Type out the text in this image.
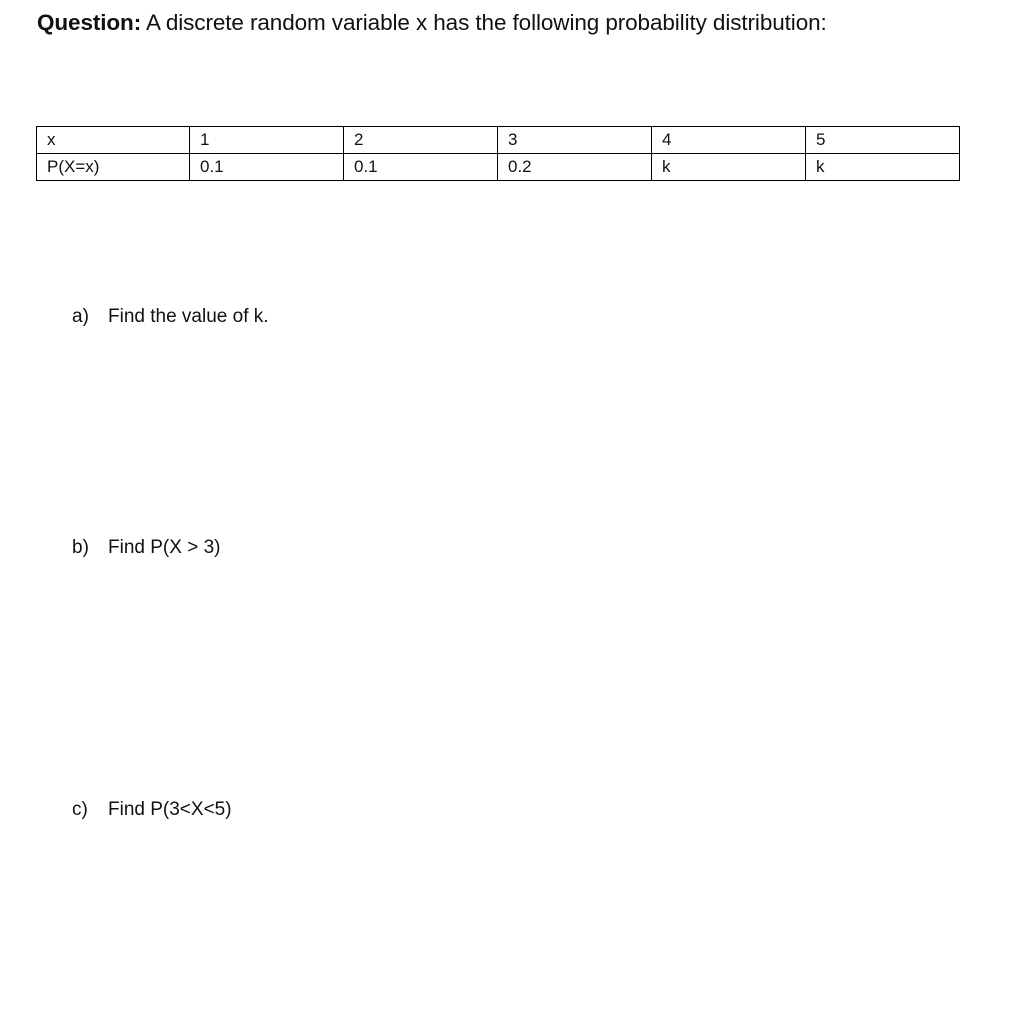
Question: A discrete random variable x has the following probability distribution:
x	1	2	3	4	5
P(X=x)	0.1	0.1	0.2	k	k
a) Find the value of k.
b) Find P(X > 3)
c) Find P(3<X<5)
